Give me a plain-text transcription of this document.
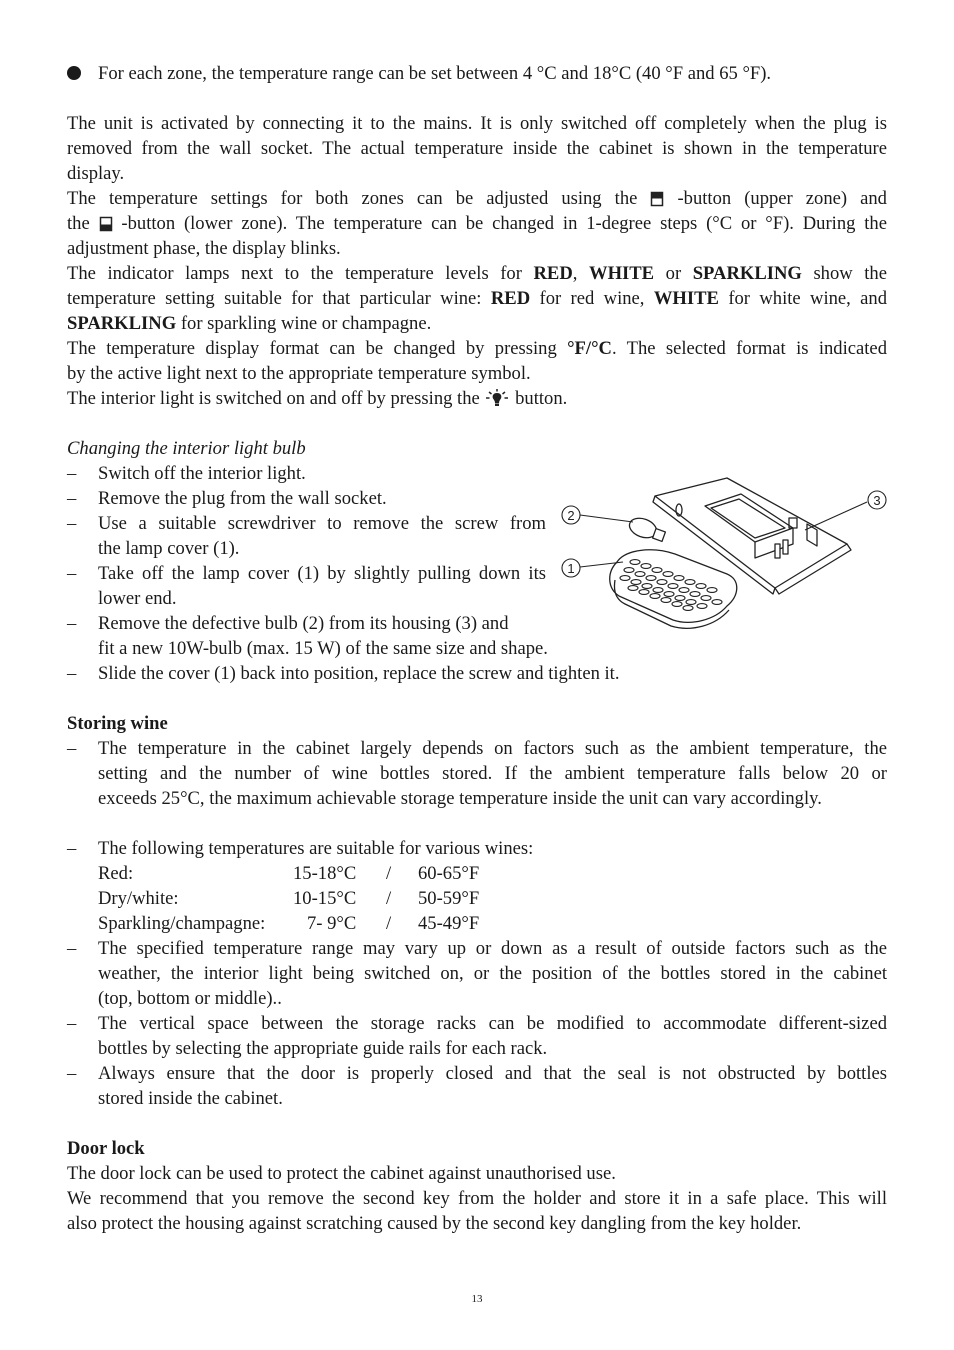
For each zone, the temperature range can be set between 4 °C and 18°C (40 °F and 65 °F).
The unit is activated by connecting it to the mains. It is only switched off completely when the plug is
removed from the wall socket. The actual temperature inside the cabinet is shown in the temperature
display.
The temperature settings for both zones can be adjusted using the -button (upper zone) and
the -button (lower zone). The temperature can be changed in 1-degree steps (°C or °F). During the
adjustment phase, the display blinks.
The indicator lamps next to the temperature levels for RED, WHITE or SPARKLING show the
temperature setting suitable for that particular wine: RED for red wine, WHITE for white wine, and
SPARKLING for sparkling wine or champagne.
The temperature display format can be changed by pressing °F/°C. The selected format is indicated
by the active light next to the appropriate temperature symbol.
The interior light is switched on and off by pressing the button.
Changing the interior light bulb
– Switch off the interior light.
– Remove the plug from the wall socket.
– Use a suitable screwdriver to remove the screw from
the lamp cover (1).
– Take off the lamp cover (1) by slightly pulling down its
lower end.
– Remove the defective bulb (2) from its housing (3) and
fit a new 10W-bulb (max. 15 W) of the same size and shape.
– Slide the cover (1) back into position, replace the screw and tighten it.
2
1
3
Storing wine
– The temperature in the cabinet largely depends on factors such as the ambient temperature, the
setting and the number of wine bottles stored. If the ambient temperature falls below 20 or
exceeds 25°C, the maximum achievable storage temperature inside the unit can vary accordingly.
– The following temperatures are suitable for various wines:
Red:	15-18°C / 60-65°F
Dry/white:	10-15°C / 50-59°F
Sparkling/champagne: 7- 9°C / 45-49°F
– The specified temperature range may vary up or down as a result of outside factors such as the
weather, the interior light being switched on, or the position of the bottles stored in the cabinet
(top, bottom or middle)..
– The vertical space between the storage racks can be modified to accommodate different-sized
bottles by selecting the appropriate guide rails for each rack.
– Always ensure that the door is properly closed and that the seal is not obstructed by bottles
stored inside the cabinet.
Door lock
The door lock can be used to protect the cabinet against unauthorised use.
We recommend that you remove the second key from the holder and store it in a safe place. This will
also protect the housing against scratching caused by the second key dangling from the key holder.
13
